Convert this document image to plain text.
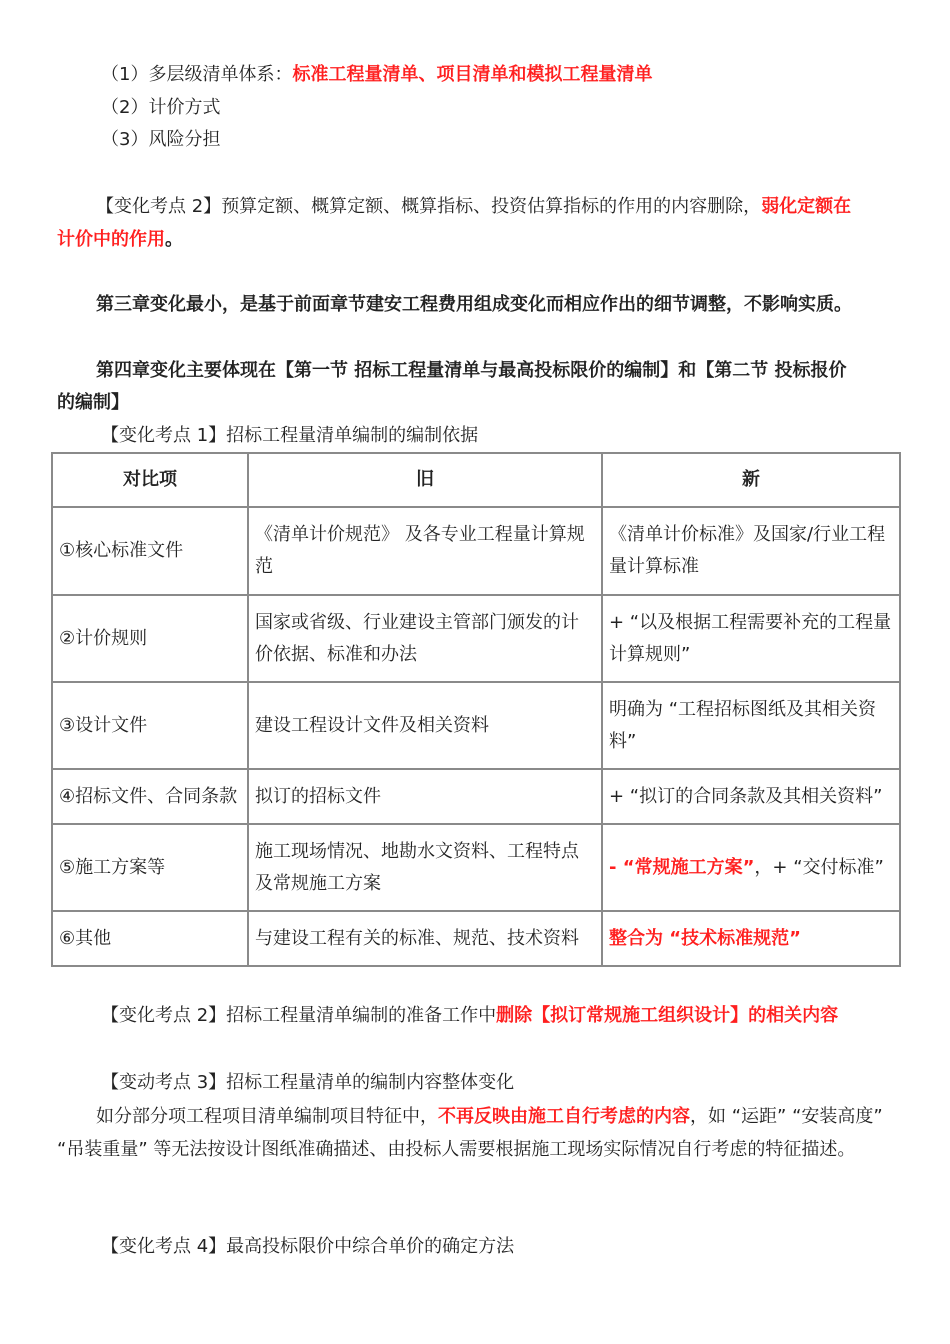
（1）多层级清单体系：标准工程量清单、项目清单和模拟工程量清单
（2）计价方式
（3）风险分担
【变化考点 2】预算定额、概算定额、概算指标、投资估算指标的作用的内容删除，弱化定额在
计价中的作用。
第三章变化最小，是基于前面章节建安工程费用组成变化而相应作出的细节调整，不影响实质。
第四章变化主要体现在【第一节 招标工程量清单与最高投标限价的编制】和【第二节 投标报价
的编制】
【变化考点 1】招标工程量清单编制的编制依据
对比项	旧	新
①核心标准文件	《清单计价规范》 及各专业工程量计算规范	《清单计价标准》及国家/行业工程量计算标准
②计价规则	国家或省级、行业建设主管部门颁发的计价依据、标准和办法	+ “以及根据工程需要补充的工程量计算规则”
③设计文件	建设工程设计文件及相关资料	明确为 “工程招标图纸及其相关资料”
④招标文件、合同条款	拟订的招标文件	+ “拟订的合同条款及其相关资料”
⑤施工方案等	施工现场情况、地勘水文资料、工程特点及常规施工方案	- “常规施工方案”，+ “交付标准”
⑥其他	与建设工程有关的标准、规范、技术资料	整合为 “技术标准规范”
【变化考点 2】招标工程量清单编制的准备工作中删除【拟订常规施工组织设计】的相关内容
【变动考点 3】招标工程量清单的编制内容整体变化
如分部分项工程项目清单编制项目特征中，不再反映由施工自行考虑的内容，如 “运距” “安装高度” “吊装重量” 等无法按设计图纸准确描述、由投标人需要根据施工现场实际情况自行考虑的特征描述。
【变化考点 4】最高投标限价中综合单价的确定方法
